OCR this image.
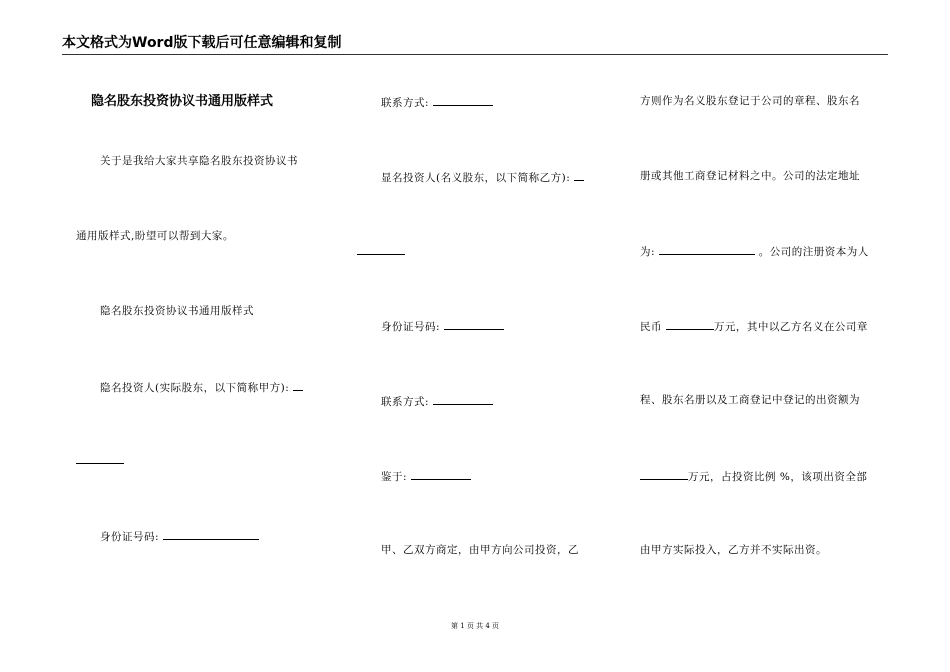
本文格式为Word版下载后可任意编辑和复制
隐名股东投资协议书通用版样式
关于是我给大家共享隐名股东投资协议书
通用版样式,盼望可以帮到大家。
隐名股东投资协议书通用版样式
隐名投资人(实际股东，以下简称甲方):
身份证号码:
联系方式:
显名投资人(名义股东，以下简称乙方):
身份证号码:
联系方式:
鉴于:
甲、乙双方商定，由甲方向公司投资，乙
方则作为名义股东登记于公司的章程、股东名
册或其他工商登记材料之中。公司的法定地址
为:	。公司的注册资本为人
民币	万元，其中以乙方名义在公司章
程、股东名册以及工商登记中登记的出资额为
万元，占投资比例 %，该项出资全部
由甲方实际投入，乙方并不实际出资。
第 1 页 共 4 页
